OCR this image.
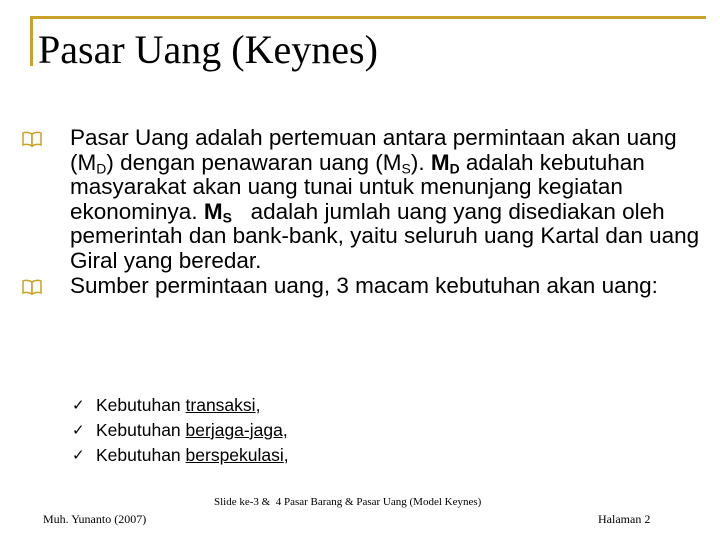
Pasar Uang (Keynes)
Pasar Uang adalah pertemuan antara permintaan akan uang $(M_D)$ dengan penawaran uang $(M_S)$. $M_D$ adalah kebutuhan masyarakat akan uang tunai untuk menunjang kegiatan ekonominya. $M_S$   adalah jumlah uang yang disediakan oleh pemerintah dan bank-bank, yaitu seluruh uang Kartal dan uang Giral yang beredar.
Sumber permintaan uang, 3 macam kebutuhan akan uang:
✓ Kebutuhan transaksi,
✓ Kebutuhan berjaga-jaga,
✓ Kebutuhan berspekulasi,
Slide ke-3 &  4 Pasar Barang & Pasar Uang (Model Keynes)
Muh. Yunanto (2007)	Halaman 2
